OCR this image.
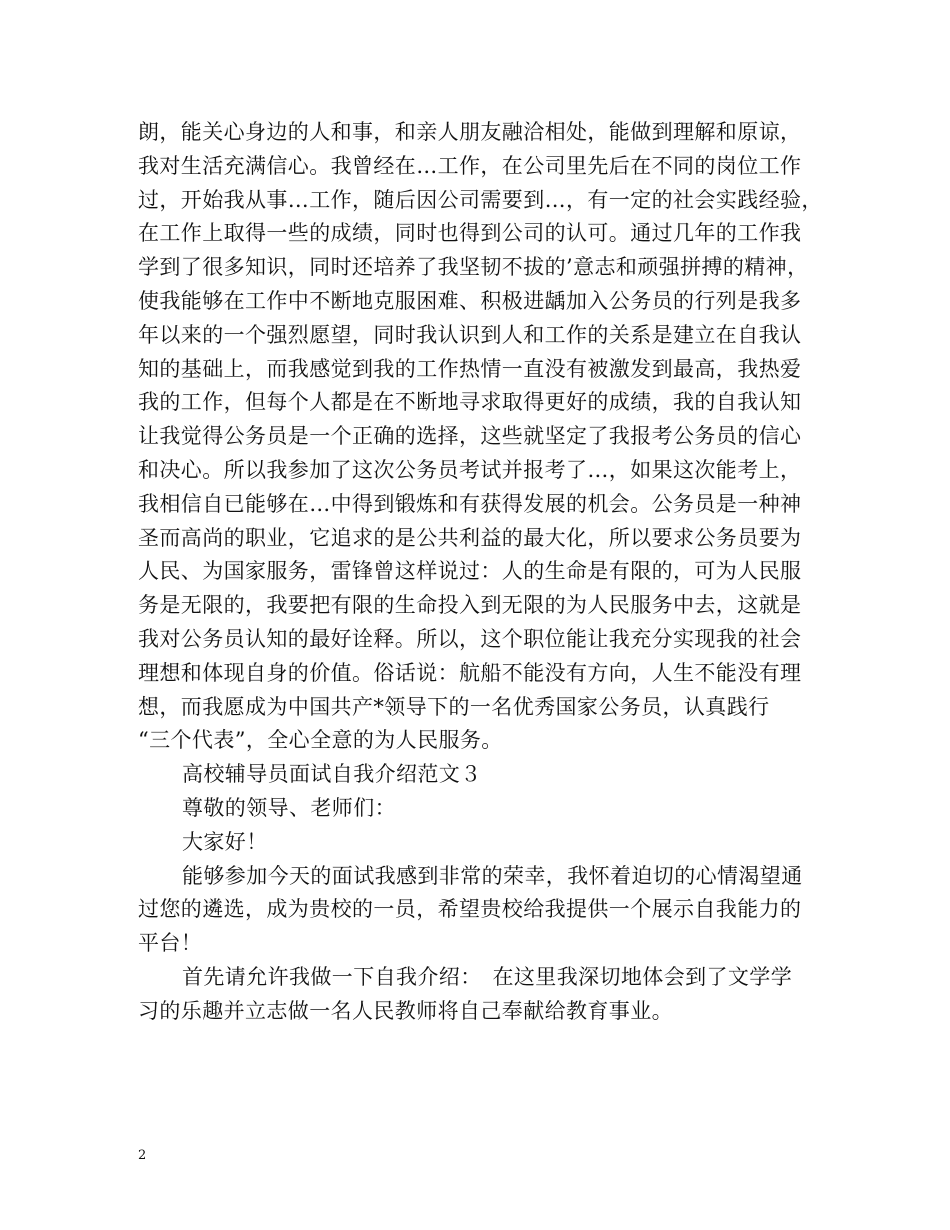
朗，能关心身边的人和事，和亲人朋友融洽相处，能做到理解和原谅，
我对生活充满信心。我曾经在…工作，在公司里先后在不同的岗位工作
过，开始我从事…工作，随后因公司需要到…，有一定的社会实践经验，
在工作上取得一些的成绩，同时也得到公司的认可。通过几年的工作我
学到了很多知识，同时还培养了我坚韧不拔的’意志和顽强拼搏的精神，
使我能够在工作中不断地克服困难、积极进龋加入公务员的行列是我多
年以来的一个强烈愿望，同时我认识到人和工作的关系是建立在自我认
知的基础上，而我感觉到我的工作热情一直没有被激发到最高，我热爱
我的工作，但每个人都是在不断地寻求取得更好的成绩，我的自我认知
让我觉得公务员是一个正确的选择，这些就坚定了我报考公务员的信心
和决心。所以我参加了这次公务员考试并报考了…，如果这次能考上，
我相信自已能够在…中得到锻炼和有获得发展的机会。公务员是一种神
圣而高尚的职业，它追求的是公共利益的最大化，所以要求公务员要为
人民、为国家服务，雷锋曾这样说过：人的生命是有限的，可为人民服
务是无限的，我要把有限的生命投入到无限的为人民服务中去，这就是
我对公务员认知的最好诠释。所以，这个职位能让我充分实现我的社会
理想和体现自身的价值。俗话说：航船不能没有方向，人生不能没有理
想，而我愿成为中国共产*领导下的一名优秀国家公务员，认真践行
“三个代表”，全心全意的为人民服务。
高校辅导员面试自我介绍范文３
尊敬的领导、老师们：
大家好！
能够参加今天的面试我感到非常的荣幸，我怀着迫切的心情渴望通
过您的遴选，成为贵校的一员，希望贵校给我提供一个展示自我能力的
平台！
首先请允许我做一下自我介绍：　在这里我深切地体会到了文学学
习的乐趣并立志做一名人民教师将自己奉献给教育事业。
2
